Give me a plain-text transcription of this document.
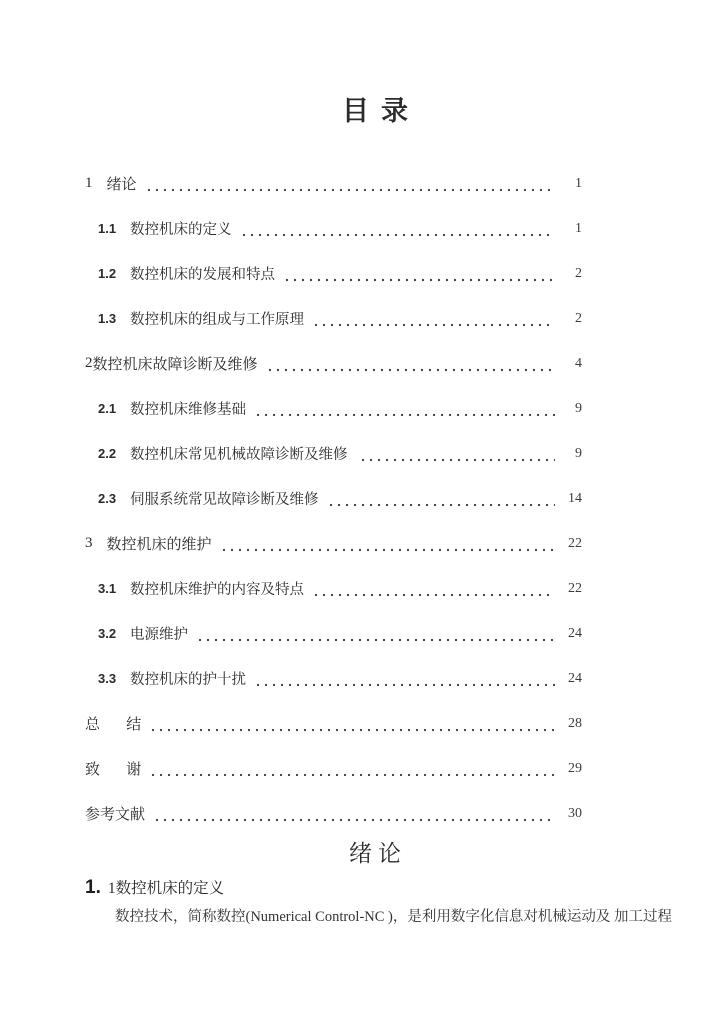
目录
1 绪论	1
1.1 数控机床的定义	1
1.2 数控机床的发展和特点	2
1.3 数控机床的组成与工作原理	2
2 数控机床故障诊断及维修	4
2.1 数控机床维修基础	9
2.2 数控机床常见机械故障诊断及维修	9
2.3 伺服系统常见故障诊断及维修	14
3 数控机床的维护	22
3.1 数控机床维护的内容及特点	22
3.2 电源维护	24
3.3 数控机床的护十扰	24
总       结	28
致       谢	29
参考文献	30
绪论
1. 1数控机床的定义

数控技术，简称数控(Numerical Control-NC )，是利用数字化信息对机械运动及 加工过程
